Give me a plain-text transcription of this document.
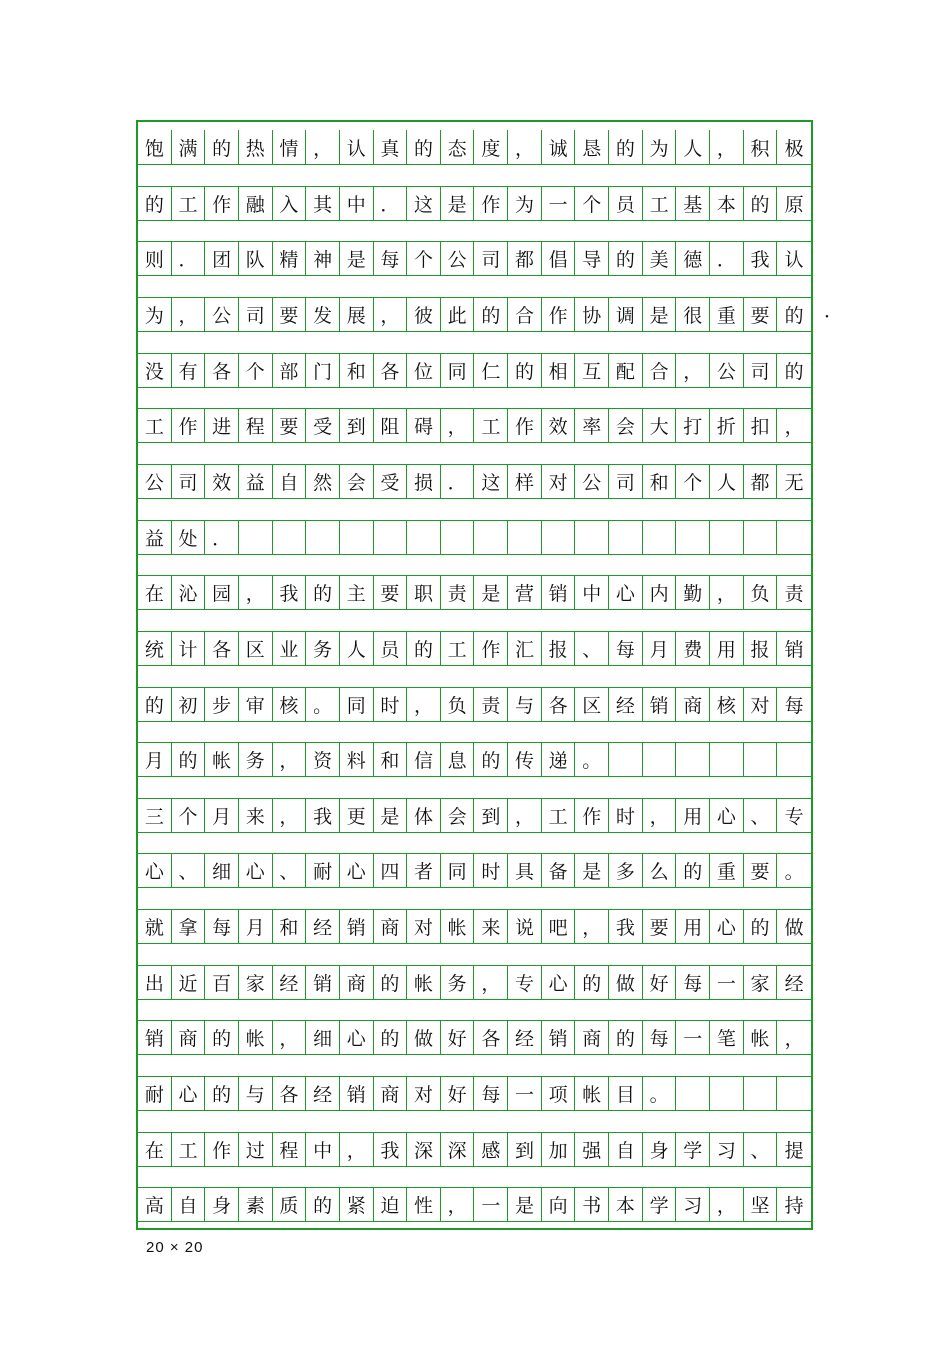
饱 满 的 热 情 ， 认 真 的 态 度 ， 诚 恳 的 为 人 ， 积 极
的 工 作 融 入 其 中 ． 这 是 作 为 一 个 员 工 基 本 的 原
则 ． 团 队 精 神 是 每 个 公 司 都 倡 导 的 美 德 ． 我 认
为 ， 公 司 要 发 展 ， 彼 此 的 合 作 协 调 是 很 重 要 的
没 有 各 个 部 门 和 各 位 同 仁 的 相 互 配 合 ， 公 司 的
工 作 进 程 要 受 到 阻 碍 ， 工 作 效 率 会 大 打 折 扣 ，
公 司 效 益 自 然 会 受 损 ． 这 样 对 公 司 和 个 人 都 无
益 处 ．
在 沁 园 ， 我 的 主 要 职 责 是 营 销 中 心 内 勤 ， 负 责
统 计 各 区 业 务 人 员 的 工 作 汇 报 、 每 月 费 用 报 销
的 初 步 审 核 。 同 时 ， 负 责 与 各 区 经 销 商 核 对 每
月 的 帐 务 ， 资 料 和 信 息 的 传 递 。
三 个 月 来 ， 我 更 是 体 会 到 ， 工 作 时 ， 用 心 、 专
心 、 细 心 、 耐 心 四 者 同 时 具 备 是 多 么 的 重 要 。
就 拿 每 月 和 经 销 商 对 帐 来 说 吧 ， 我 要 用 心 的 做
出 近 百 家 经 销 商 的 帐 务 ， 专 心 的 做 好 每 一 家 经
销 商 的 帐 ， 细 心 的 做 好 各 经 销 商 的 每 一 笔 帐 ，
耐 心 的 与 各 经 销 商 对 好 每 一 项 帐 目 。
在 工 作 过 程 中 ， 我 深 深 感 到 加 强 自 身 学 习 、 提
高 自 身 素 质 的 紧 迫 性 ， 一 是 向 书 本 学 习 ， 坚 持
．
20 × 20
